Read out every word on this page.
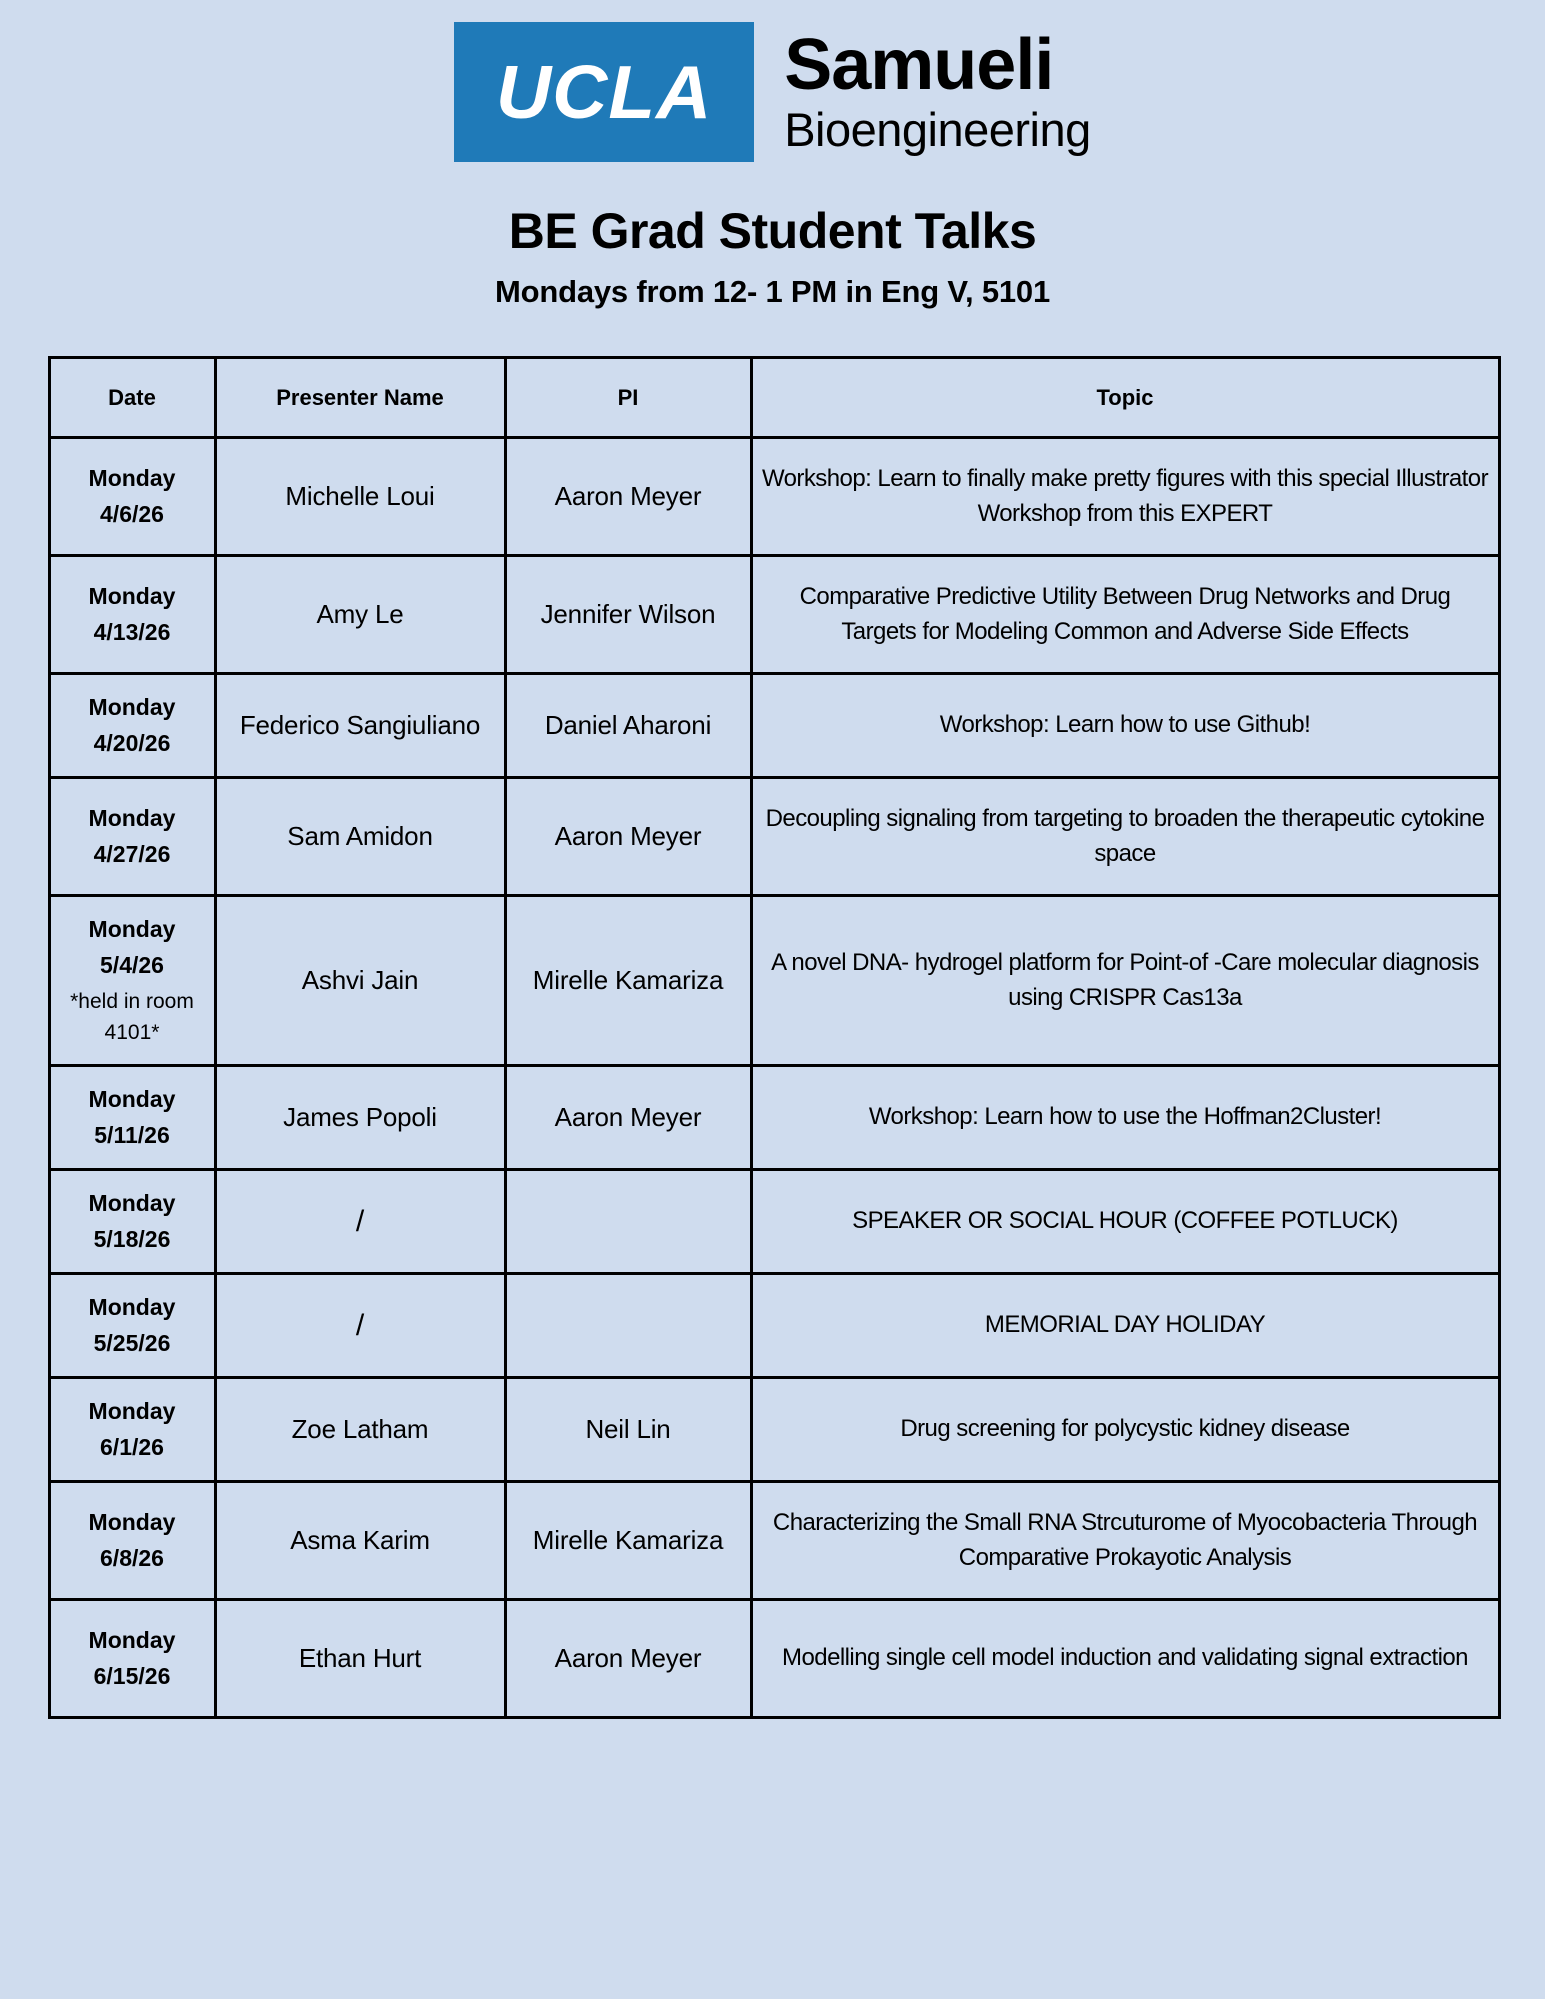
UCLA Samueli
Bioengineering
BE Grad Student Talks
Mondays from 12- 1 PM in Eng V, 5101
Date	Presenter Name	PI	Topic
Monday
4/6/26	Michelle Loui	Aaron Meyer	Workshop: Learn to finally make pretty figures with this special Illustrator Workshop from this EXPERT
Monday
4/13/26	Amy Le	Jennifer Wilson	Comparative Predictive Utility Between Drug Networks and Drug Targets for Modeling Common and Adverse Side Effects
Monday
4/20/26	Federico Sangiuliano	Daniel Aharoni	Workshop: Learn how to use Github!
Monday
4/27/26	Sam Amidon	Aaron Meyer	Decoupling signaling from targeting to broaden the therapeutic cytokine space
Monday
5/4/26
*held in room 4101*	Ashvi Jain	Mirelle Kamariza	A novel DNA- hydrogel platform for Point-of -Care molecular diagnosis using CRISPR Cas13a
Monday
5/11/26	James Popoli	Aaron Meyer	Workshop: Learn how to use the Hoffman2Cluster!
Monday
5/18/26	/		SPEAKER OR SOCIAL HOUR (COFFEE POTLUCK)
Monday
5/25/26	/		MEMORIAL DAY HOLIDAY
Monday
6/1/26	Zoe Latham	Neil Lin	Drug screening for polycystic kidney disease
Monday
6/8/26	Asma Karim	Mirelle Kamariza	Characterizing the Small RNA Strcuturome of Myocobacteria Through Comparative Prokayotic Analysis
Monday
6/15/26	Ethan Hurt	Aaron Meyer	Modelling single cell model induction and validating signal extraction
